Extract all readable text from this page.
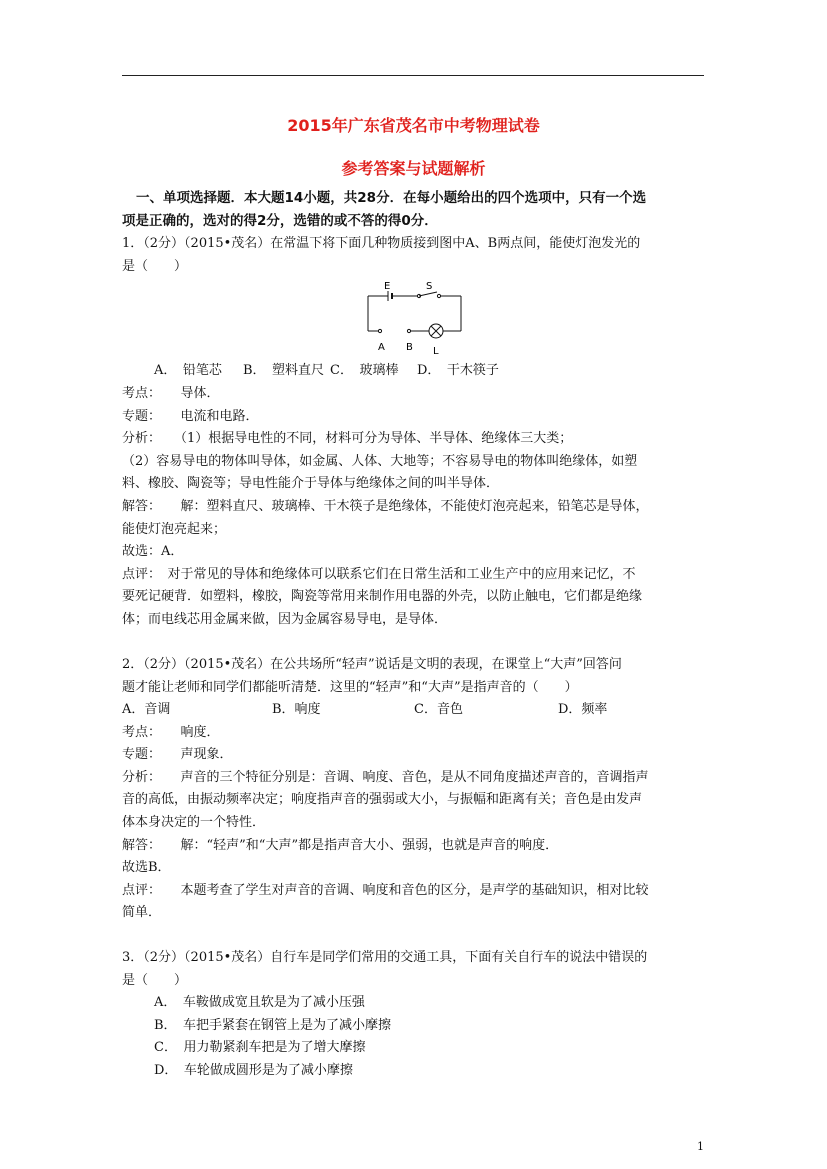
2015年广东省茂名市中考物理试卷
参考答案与试题解析
一、单项选择题．本大题14小题，共28分．在每小题给出的四个选项中，只有一个选
项是正确的，选对的得2分，选错的或不答的得0分．
1．（2分）（2015•茂名）在常温下将下面几种物质接到图中A、B两点间，能使灯泡发光的
是（　　）
E	S
A B L
A．　铅笔芯 B．　塑料直尺 C．　玻璃棒 D．　干木筷子
考点：　　导体．
专题：　　电流和电路．
分析：　　（1）根据导电性的不同，材料可分为导体、半导体、绝缘体三大类；
（2）容易导电的物体叫导体，如金属、人体、大地等；不容易导电的物体叫绝缘体，如塑
料、橡胶、陶瓷等；导电性能介于导体与绝缘体之间的叫半导体．
解答：　　解：塑料直尺、玻璃棒、干木筷子是绝缘体，不能使灯泡亮起来，铅笔芯是导体，
能使灯泡亮起来；
故选：A．
点评：　对于常见的导体和绝缘体可以联系它们在日常生活和工业生产中的应用来记忆，不
要死记硬背．如塑料，橡胶，陶瓷等常用来制作用电器的外壳，以防止触电，它们都是绝缘
体；而电线芯用金属来做，因为金属容易导电，是导体．
2．（2分）（2015•茂名）在公共场所“轻声”说话是文明的表现，在课堂上“大声”回答问
题才能让老师和同学们都能听清楚．这里的“轻声”和“大声”是指声音的（　　）
A．音调	B．响度	C．音色	D．频率
考点：　　响度．
专题：　　声现象．
分析：　　声音的三个特征分别是：音调、响度、音色，是从不同角度描述声音的，音调指声
音的高低，由振动频率决定；响度指声音的强弱或大小，与振幅和距离有关；音色是由发声
体本身决定的一个特性．
解答：　　解：“轻声”和“大声”都是指声音大小、强弱，也就是声音的响度．
故选B．
点评：　　本题考查了学生对声音的音调、响度和音色的区分，是声学的基础知识，相对比较
简单．
3．（2分）（2015•茂名）自行车是同学们常用的交通工具，下面有关自行车的说法中错误的
是（　　）
A．　车鞍做成宽且软是为了减小压强
B．　车把手紧套在钢管上是为了减小摩擦
C．　用力勒紧刹车把是为了增大摩擦
D．　车轮做成圆形是为了减小摩擦
1
